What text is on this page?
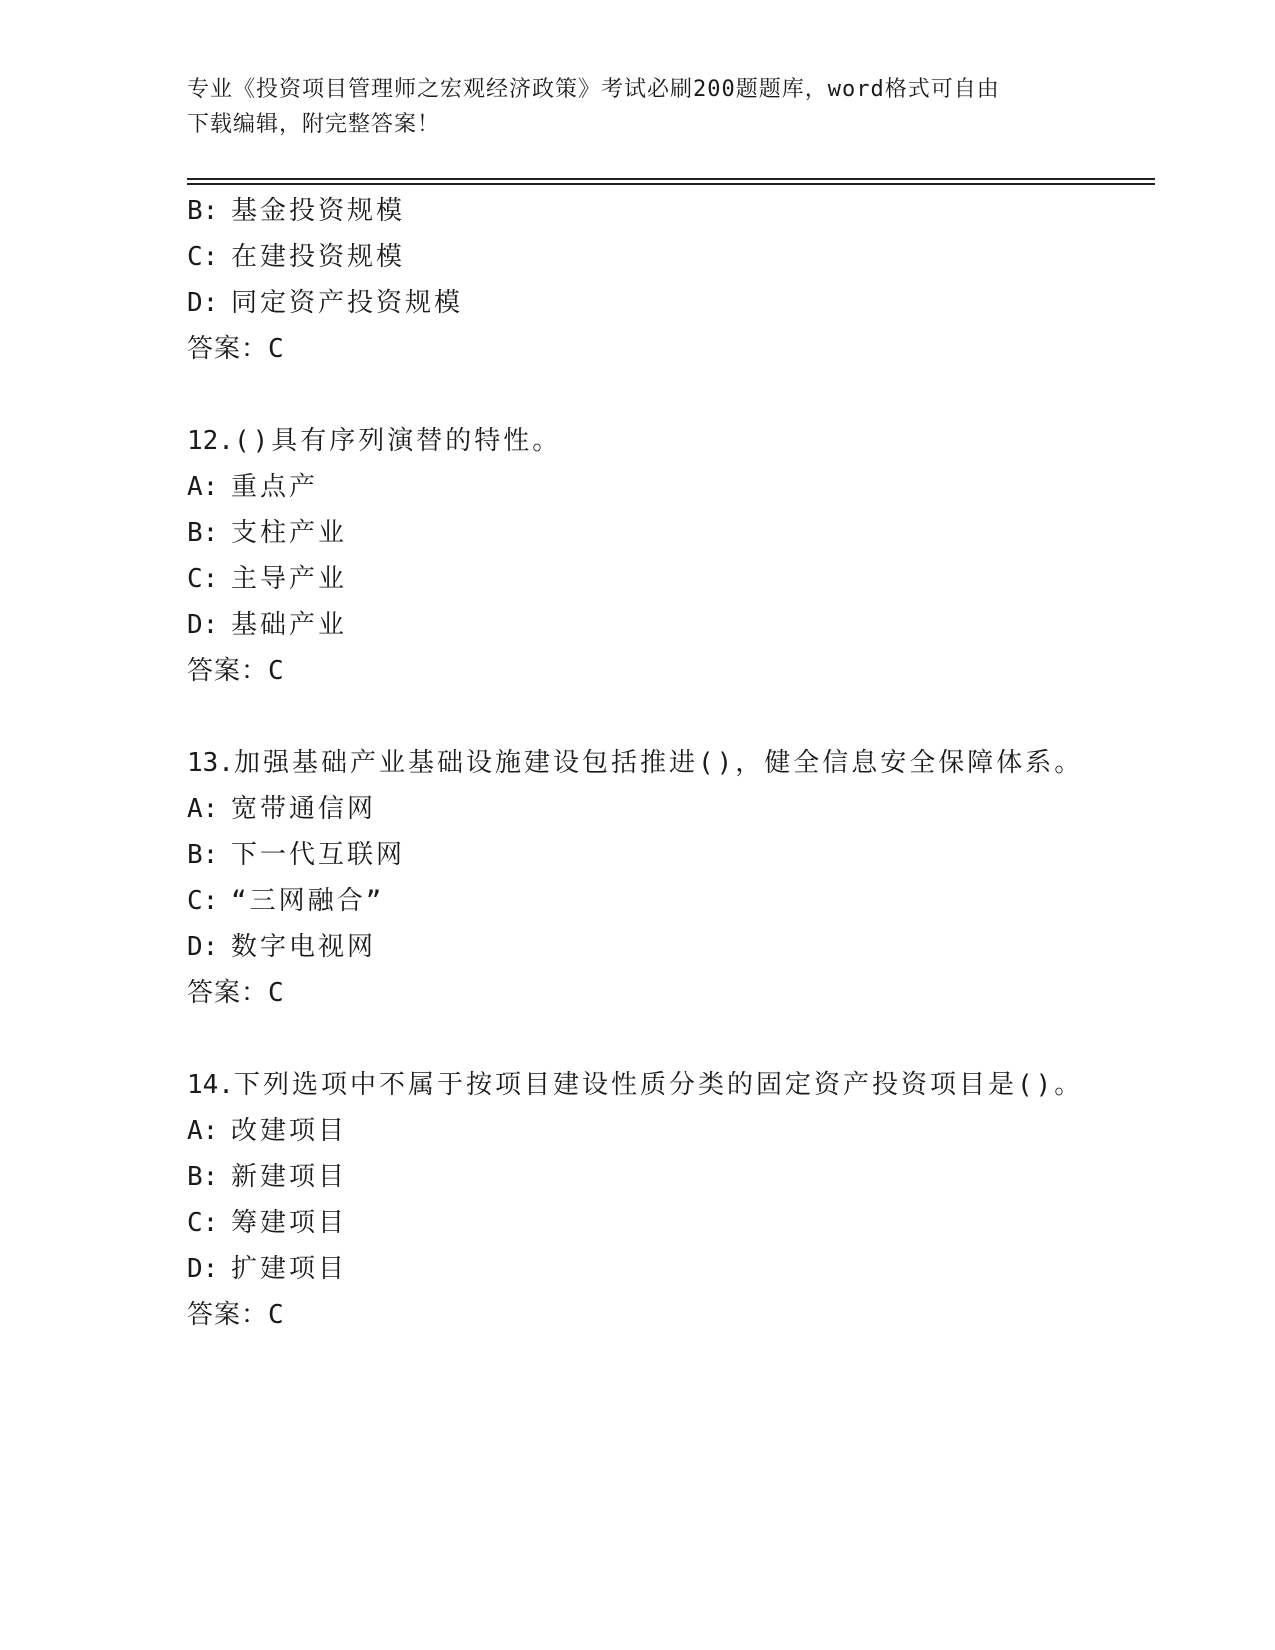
专业《投资项目管理师之宏观经济政策》考试必刷200题题库，word格式可自由
下载编辑，附完整答案！
B: 基金投资规模
C: 在建投资规模
D: 同定资产投资规模
答案：C
12.()具有序列演替的特性。
A: 重点产
B: 支柱产业
C: 主导产业
D: 基础产业
答案：C
13.加强基础产业基础设施建设包括推进()，健全信息安全保障体系。
A: 宽带通信网
B: 下一代互联网
C: “三网融合”
D: 数字电视网
答案：C
14.下列选项中不属于按项目建设性质分类的固定资产投资项目是()。
A: 改建项目
B: 新建项目
C: 筹建项目
D: 扩建项目
答案：C
